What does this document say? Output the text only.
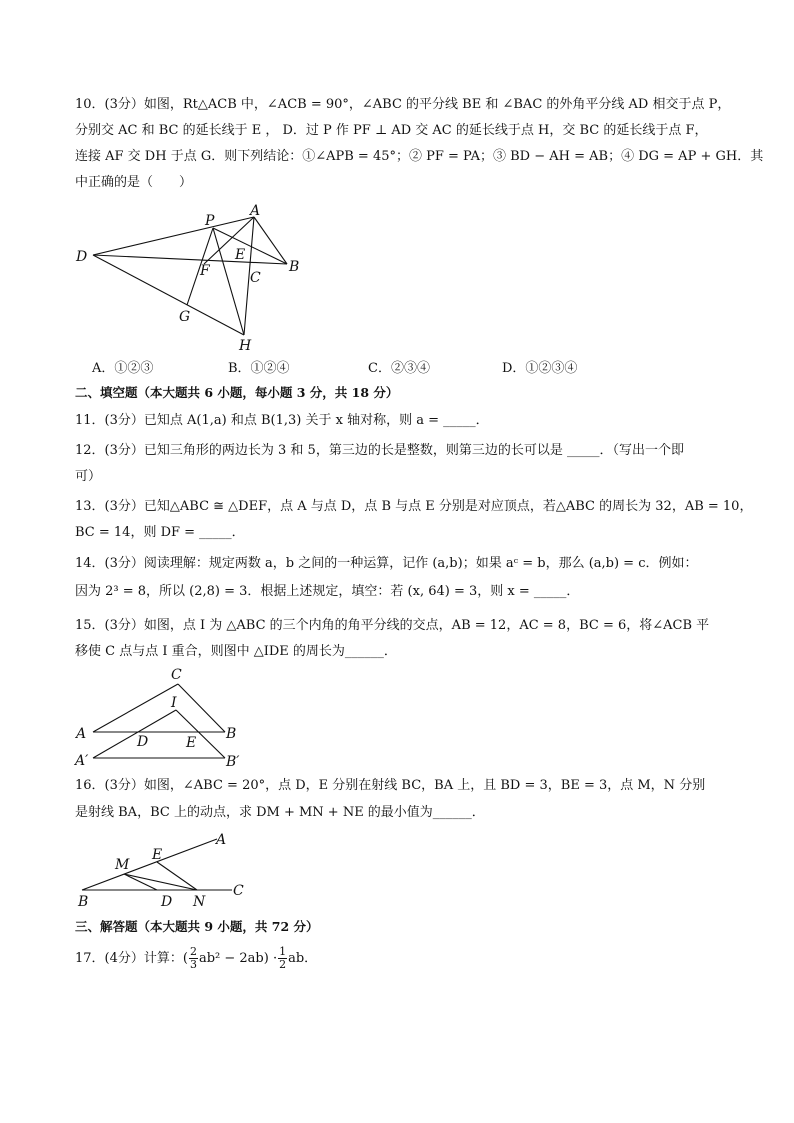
10．(3分）如图，Rt△ACB 中，∠ACB = 90°，∠ABC 的平分线 BE 和 ∠BAC 的外角平分线 AD 相交于点 P，
分别交 AC 和 BC 的延长线于 E ， D．过 P 作 PF ⊥ AD 交 AC 的延长线于点 H，交 BC 的延长线于点 F，
连接 AF 交 DH 于点 G．则下列结论：①∠APB = 45°；② PF = PA；③ BD − AH = AB；④ DG = AP + GH．其
中正确的是（　　）
D
P
A
E
B
F	C
G
H
A．①②③	B．①②④	C．②③④	D．①②③④
二、填空题（本大题共 6 小题，每小题 3 分，共 18 分）
11．(3分）已知点 A(1,a) 和点 B(1,3) 关于 x 轴对称，则 a = _____．
12．(3分）已知三角形的两边长为 3 和 5，第三边的长是整数，则第三边的长可以是 _____．（写出一个即
可）
13．(3分）已知△ABC ≅ △DEF，点 A 与点 D，点 B 与点 E 分别是对应顶点，若△ABC 的周长为 32，AB = 10，
BC = 14，则 DF = _____．
14．(3分）阅读理解：规定两数 a，b 之间的一种运算，记作 (a,b)；如果 aᶜ = b，那么 (a,b) = c．例如：
因为 2³ = 8，所以 (2,8) = 3．根据上述规定，填空：若 (x, 64) = 3，则 x = _____．
15．(3分）如图，点 I 为 △ABC 的三个内角的角平分线的交点，AB = 12，AC = 8，BC = 6，将∠ACB 平
移使 C 点与点 I 重合，则图中 △IDE 的周长为______．
C
I
A	B
D	E
A′	B′
16．(3分）如图，∠ABC = 20°，点 D，E 分别在射线 BC，BA 上，且 BD = 3，BE = 3，点 M，N 分别
是射线 BA，BC 上的动点，求 DM + MN + NE 的最小值为______．
A
E
M
B	D N
C
三、解答题（本大题共 9 小题，共 72 分）
17．(4分）计算：( $\frac{2}{3} ab^2 - 2ab) \cdot \frac{1}{2}$ ab．
